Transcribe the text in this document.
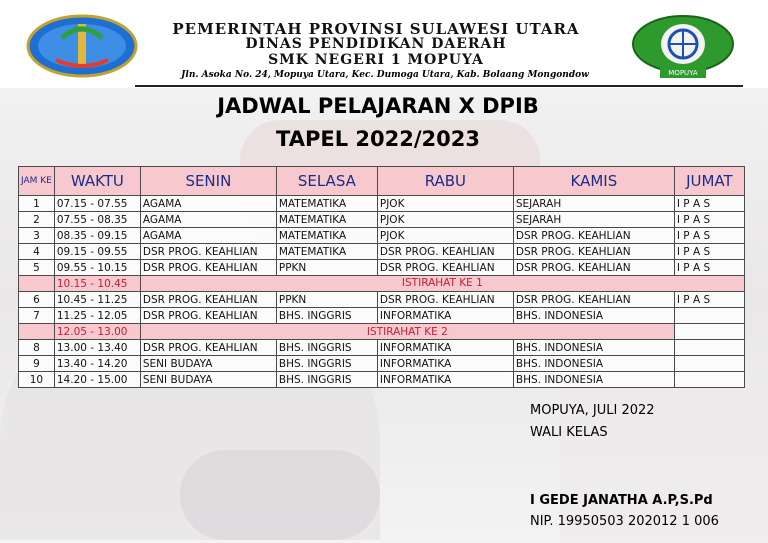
PEMERINTAH PROVINSI SULAWESI UTARA
DINAS PENDIDIKAN DAERAH
SMK NEGERI 1 MOPUYA
Jln. Asoka No. 24, Mopuya Utara, Kec. Dumoga Utara, Kab. Bolaang Mongondow	MOPUYA
JADWAL PELAJARAN X DPIB
TAPEL 2022/2023
JAM KE	WAKTU	SENIN	SELASA	RABU	KAMIS	JUMAT
1	07.15 - 07.55	AGAMA	MATEMATIKA	PJOK	SEJARAH	I P A S
2	07.55 - 08.35	AGAMA	MATEMATIKA	PJOK	SEJARAH	I P A S
3	08.35 - 09.15	AGAMA	MATEMATIKA	PJOK	DSR PROG. KEAHLIAN	I P A S
4	09.15 - 09.55	DSR PROG. KEAHLIAN	MATEMATIKA	DSR PROG. KEAHLIAN	DSR PROG. KEAHLIAN	I P A S
5	09.55 - 10.15	DSR PROG. KEAHLIAN	PPKN	DSR PROG. KEAHLIAN	DSR PROG. KEAHLIAN	I P A S
	10.15 - 10.45	ISTIRAHAT KE 1				
6	10.45 - 11.25	DSR PROG. KEAHLIAN	PPKN	DSR PROG. KEAHLIAN	DSR PROG. KEAHLIAN	I P A S
7	11.25 - 12.05	DSR PROG. KEAHLIAN	BHS. INGGRIS	INFORMATIKA	BHS. INDONESIA	
	12.05 - 13.00	ISTIRAHAT KE 2				
8	13.00 - 13.40	DSR PROG. KEAHLIAN	BHS. INGGRIS	INFORMATIKA	BHS. INDONESIA	
9	13.40 - 14.20	SENI BUDAYA	BHS. INGGRIS	INFORMATIKA	BHS. INDONESIA	
10	14.20 - 15.00	SENI BUDAYA	BHS. INGGRIS	INFORMATIKA	BHS. INDONESIA	
MOPUYA, JULI 2022
WALI KELAS
I GEDE JANATHA A.P,S.Pd
NIP. 19950503 202012 1 006
